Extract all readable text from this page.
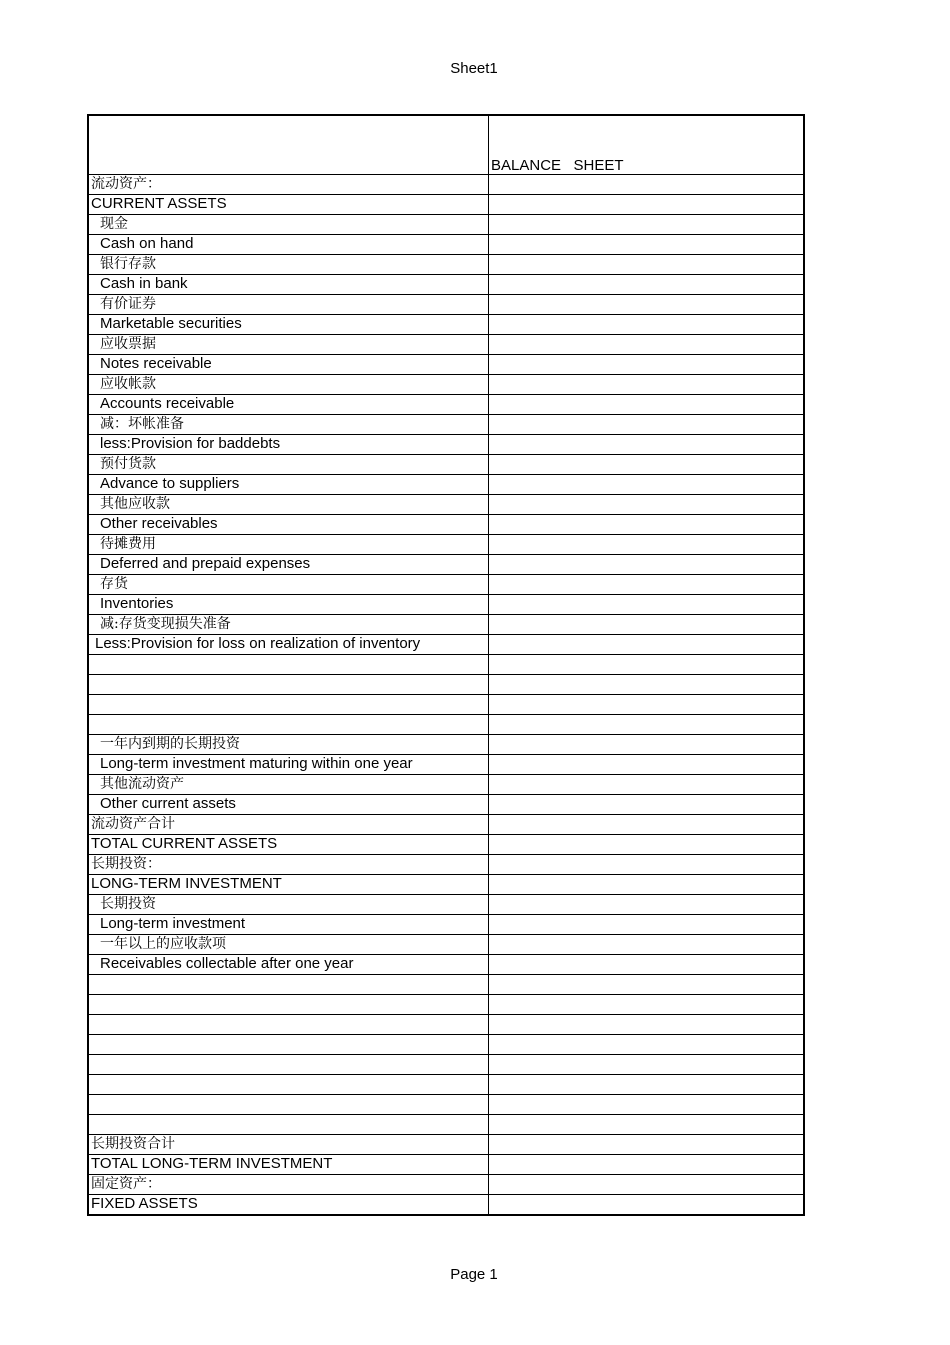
Sheet1
BALANCE   SHEET
流动资产：
CURRENT ASSETS
现金
Cash on hand
银行存款
Cash in bank
有价证券
Marketable securities
应收票据
Notes receivable
应收帐款
Accounts receivable
减：坏帐准备
less:Provision for baddebts
预付货款
Advance to suppliers
其他应收款
Other receivables
待摊费用
Deferred and prepaid expenses
存货
Inventories
减:存货变现损失准备
Less:Provision for loss on realization of inventory
一年内到期的长期投资
Long-term investment maturing within one year
其他流动资产
Other current assets
流动资产合计
TOTAL CURRENT ASSETS
长期投资：
LONG-TERM INVESTMENT
长期投资
Long-term investment
一年以上的应收款项
Receivables collectable after one year
长期投资合计
TOTAL LONG-TERM INVESTMENT
固定资产：
FIXED ASSETS
Page 1
